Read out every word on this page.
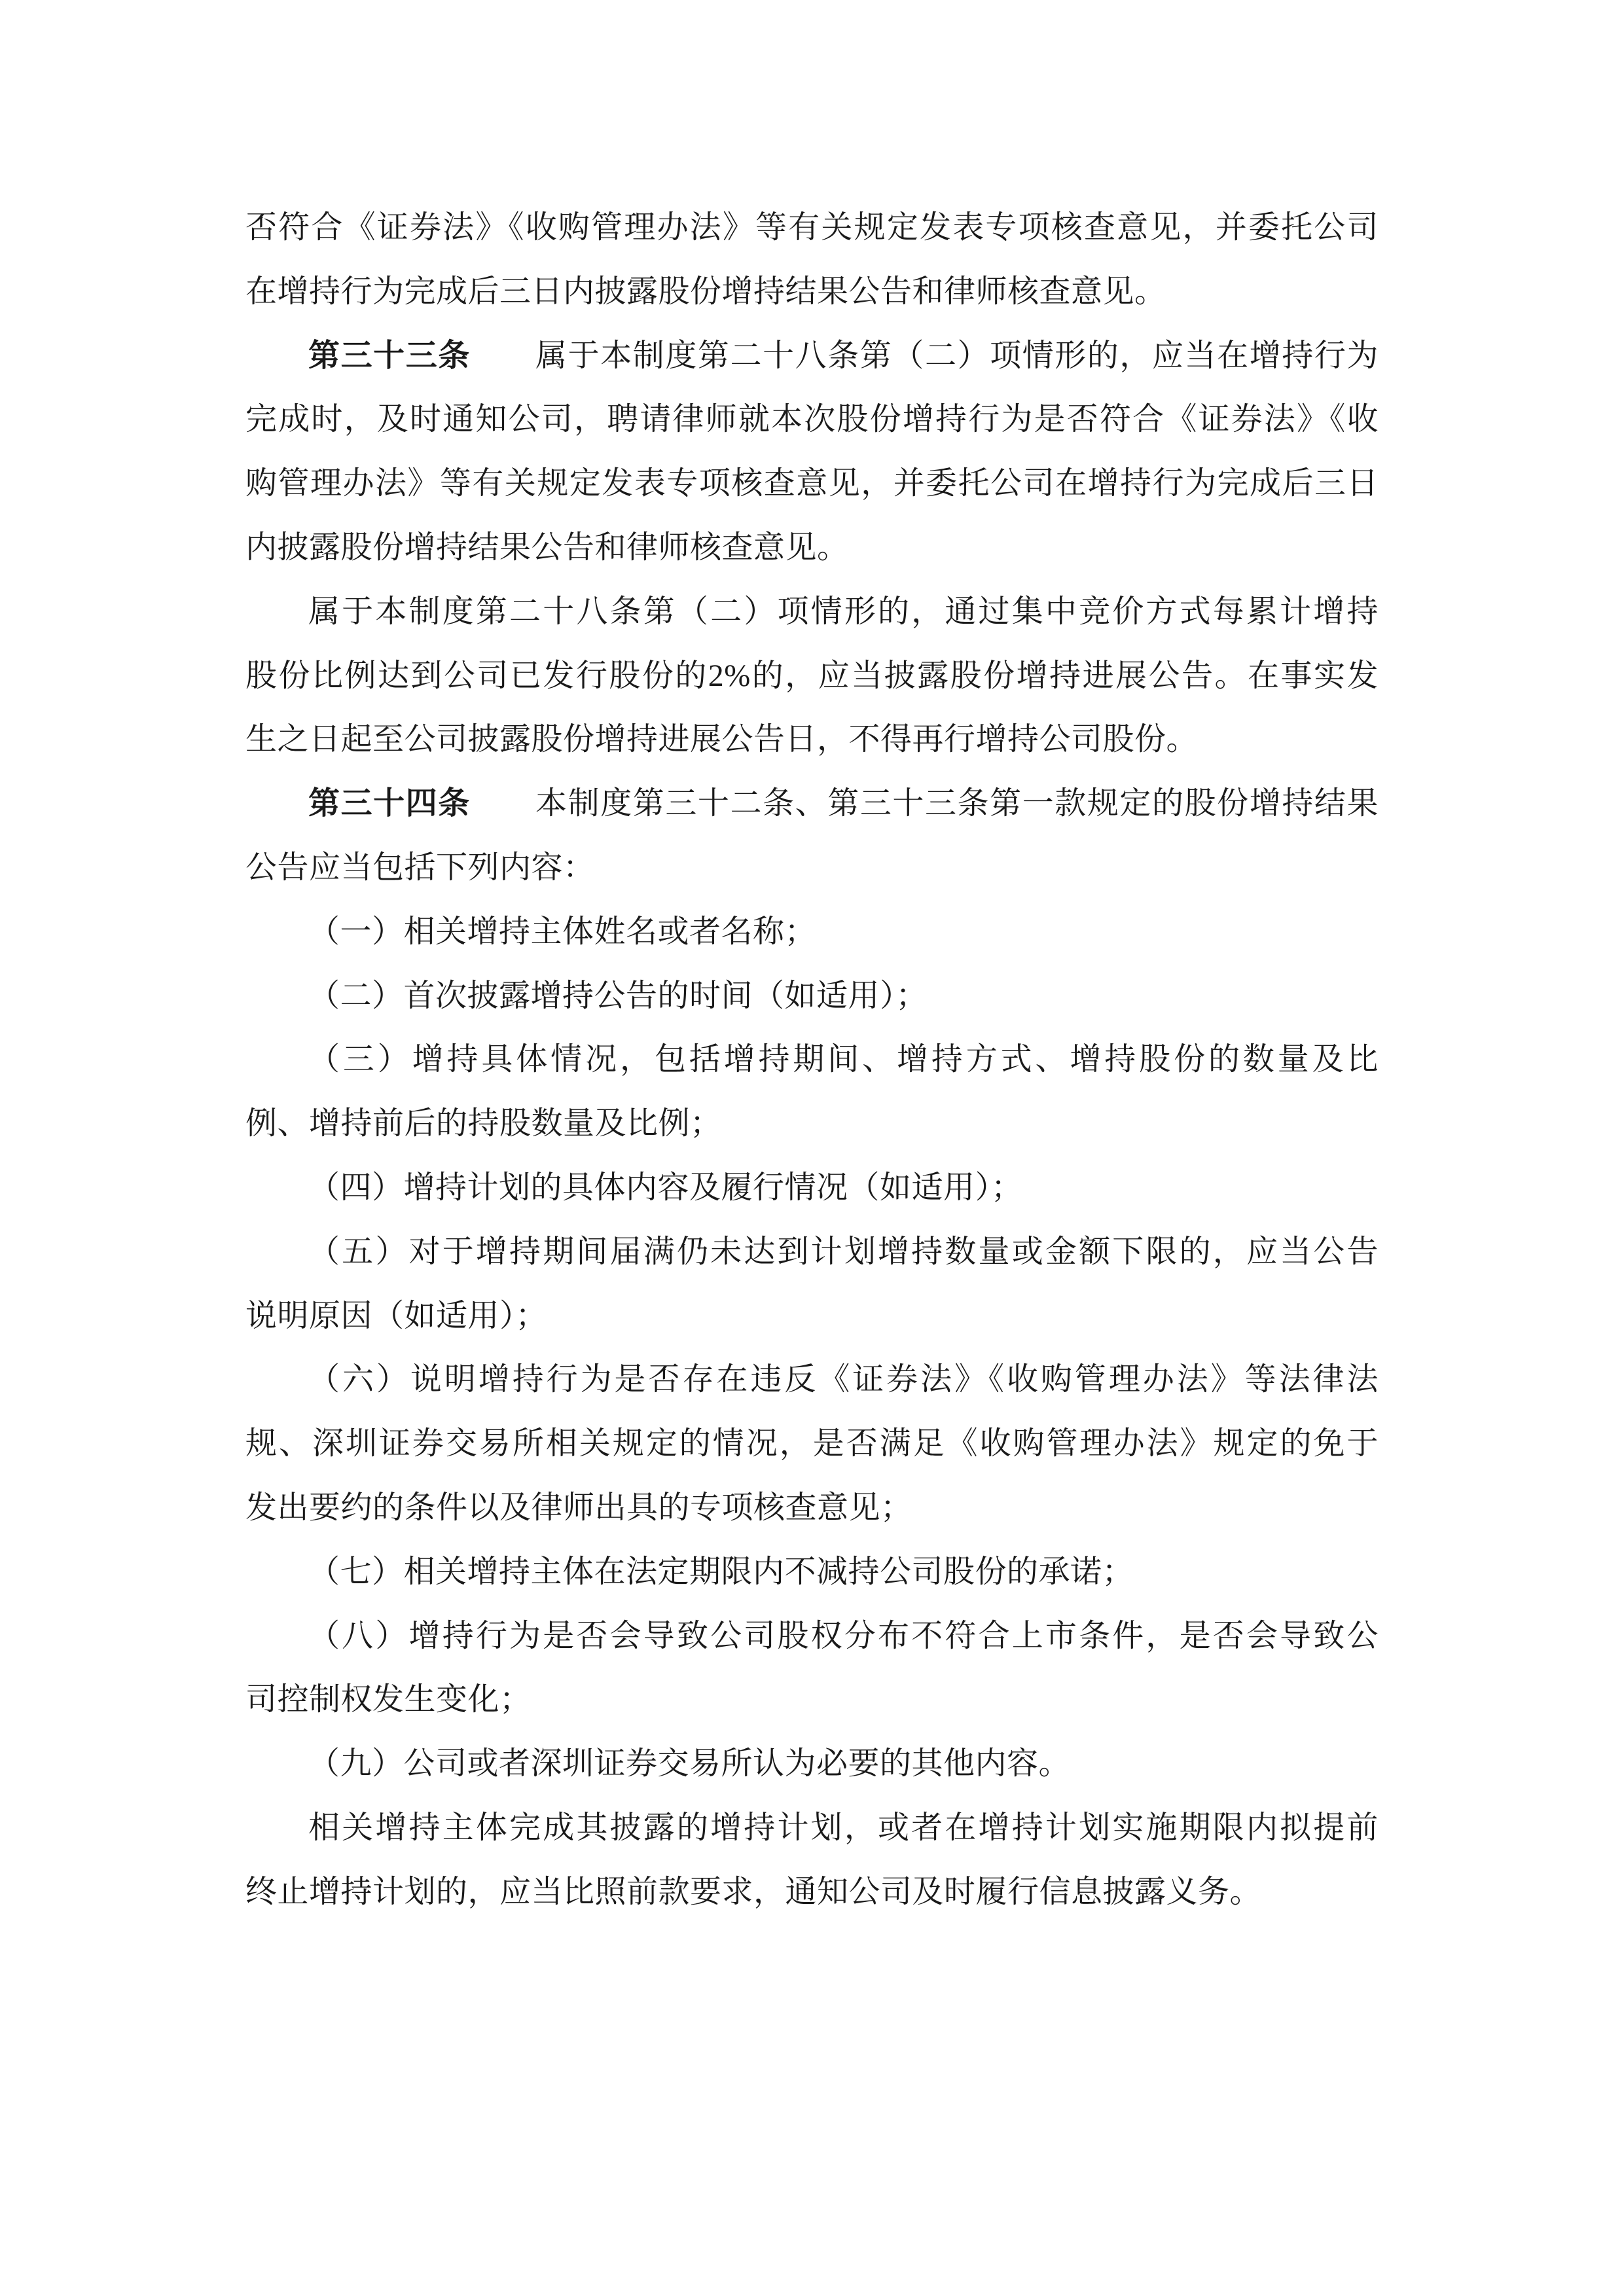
否符合《证券法》《收购管理办法》等有关规定发表专项核查意见，并委托公司
在增持行为完成后三日内披露股份增持结果公告和律师核查意见。
第三十三条　　属于本制度第二十八条第（二）项情形的，应当在增持行为
完成时，及时通知公司，聘请律师就本次股份增持行为是否符合《证券法》《收
购管理办法》等有关规定发表专项核查意见，并委托公司在增持行为完成后三日
内披露股份增持结果公告和律师核查意见。
属于本制度第二十八条第（二）项情形的，通过集中竞价方式每累计增持
股份比例达到公司已发行股份的2%的，应当披露股份增持进展公告。在事实发
生之日起至公司披露股份增持进展公告日，不得再行增持公司股份。
第三十四条　　本制度第三十二条、第三十三条第一款规定的股份增持结果
公告应当包括下列内容：
（一）相关增持主体姓名或者名称；
（二）首次披露增持公告的时间（如适用）；
（三）增持具体情况，包括增持期间、增持方式、增持股份的数量及比
例、增持前后的持股数量及比例；
（四）增持计划的具体内容及履行情况（如适用）；
（五）对于增持期间届满仍未达到计划增持数量或金额下限的，应当公告
说明原因（如适用）；
（六）说明增持行为是否存在违反《证券法》《收购管理办法》等法律法
规、深圳证券交易所相关规定的情况，是否满足《收购管理办法》规定的免于
发出要约的条件以及律师出具的专项核查意见；
（七）相关增持主体在法定期限内不减持公司股份的承诺；
（八）增持行为是否会导致公司股权分布不符合上市条件，是否会导致公
司控制权发生变化；
（九）公司或者深圳证券交易所认为必要的其他内容。
相关增持主体完成其披露的增持计划，或者在增持计划实施期限内拟提前
终止增持计划的，应当比照前款要求，通知公司及时履行信息披露义务。
